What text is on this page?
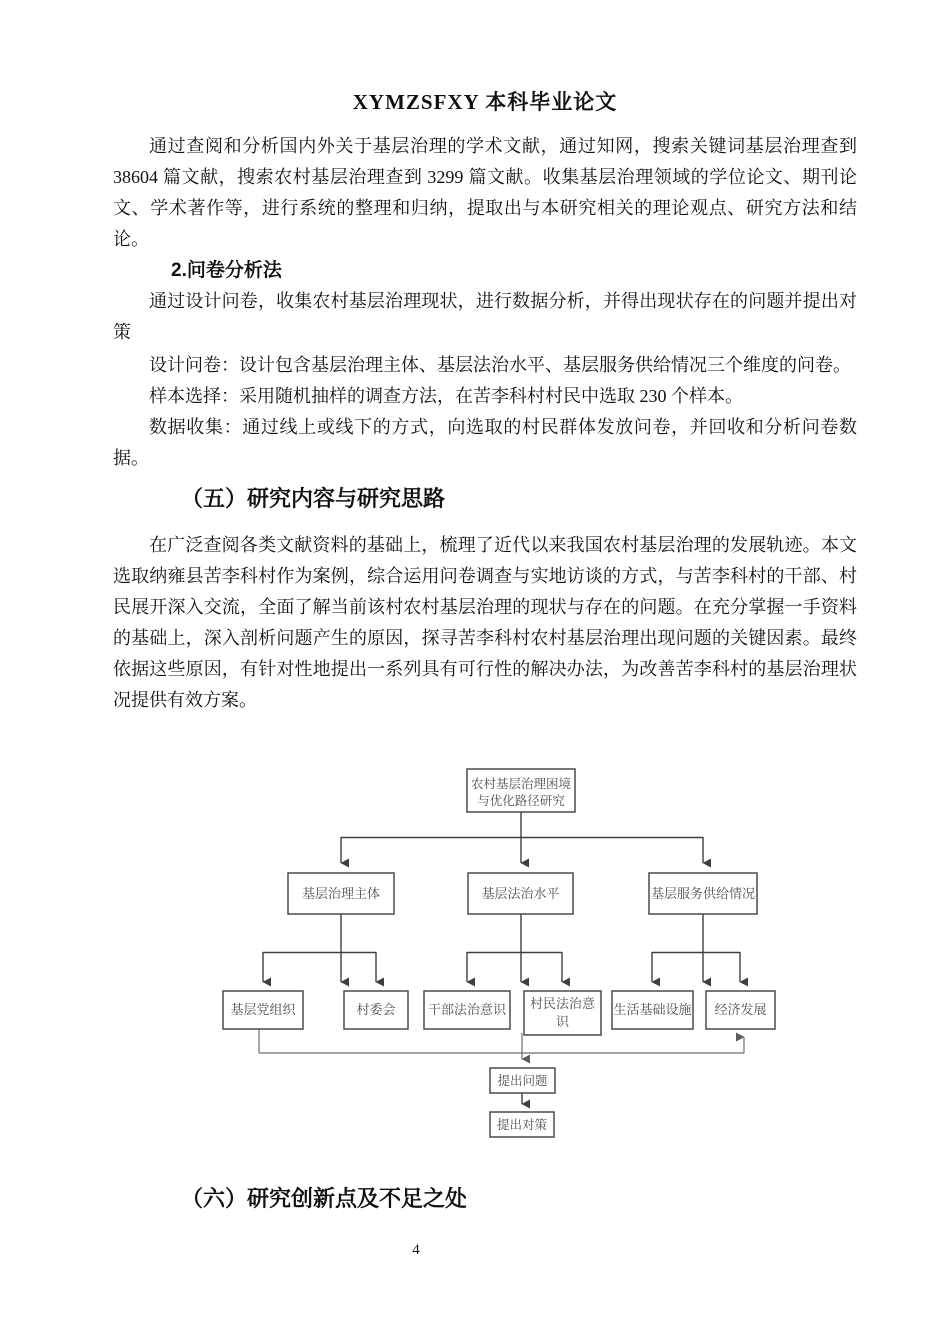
XYMZSFXY 本科毕业论文

通过查阅和分析国内外关于基层治理的学术文献，通过知网，搜索关键词基层治理查到 38604 篇文献，搜索农村基层治理查到 3299 篇文献。收集基层治理领域的学位论文、期刊论文、学术著作等，进行系统的整理和归纳，提取出与本研究相关的理论观点、研究方法和结论。

2.问卷分析法

通过设计问卷，收集农村基层治理现状，进行数据分析，并得出现状存在的问题并提出对策

设计问卷：设计包含基层治理主体、基层法治水平、基层服务供给情况三个维度的问卷。

样本选择：采用随机抽样的调查方法，在苦李科村村民中选取 230 个样本。

数据收集：通过线上或线下的方式，向选取的村民群体发放问卷，并回收和分析问卷数据。

（五）研究内容与研究思路

在广泛查阅各类文献资料的基础上，梳理了近代以来我国农村基层治理的发展轨迹。本文选取纳雍县苦李科村作为案例，综合运用问卷调查与实地访谈的方式，与苦李科村的干部、村民展开深入交流，全面了解当前该村农村基层治理的现状与存在的问题。在充分掌握一手资料的基础上，深入剖析问题产生的原因，探寻苦李科村农村基层治理出现问题的关键因素。最终依据这些原因，有针对性地提出一系列具有可行性的解决办法，为改善苦李科村的基层治理状况提供有效方案。

农村基层治理困境
与优化路径研究
基层治理主体	基层法治水平	基层服务供给情况
基层党组织	村委会 干部法治意识 村民法治意
识
生活基础设施 经济发展
提出问题
提出对策
（六）研究创新点及不足之处
4
